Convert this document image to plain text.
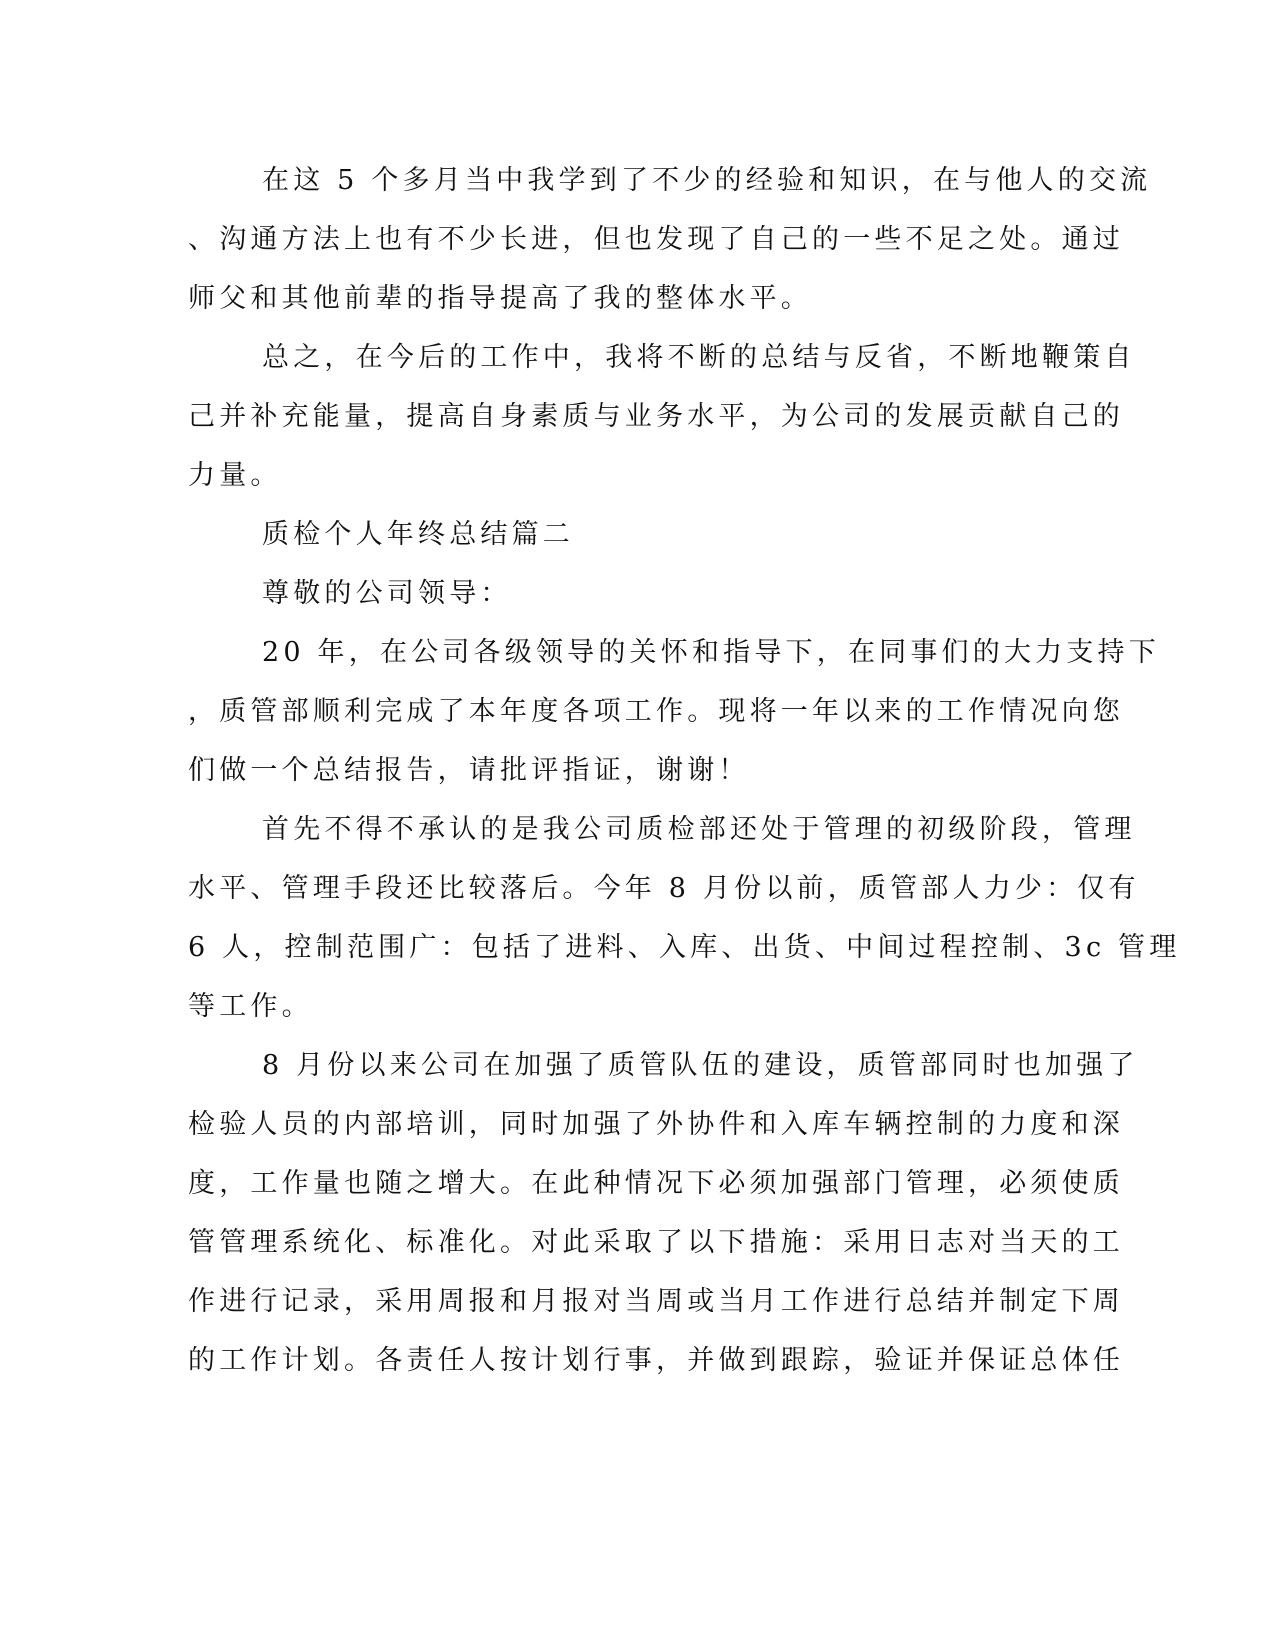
在这 5 个多月当中我学到了不少的经验和知识，在与他人的交流
、沟通方法上也有不少长进，但也发现了自己的一些不足之处。通过
师父和其他前辈的指导提高了我的整体水平。
总之，在今后的工作中，我将不断的总结与反省，不断地鞭策自
己并补充能量，提高自身素质与业务水平，为公司的发展贡献自己的
力量。
质检个人年终总结篇二
尊敬的公司领导：
20 年，在公司各级领导的关怀和指导下，在同事们的大力支持下
，质管部顺利完成了本年度各项工作。现将一年以来的工作情况向您
们做一个总结报告，请批评指证，谢谢！
首先不得不承认的是我公司质检部还处于管理的初级阶段，管理
水平、管理手段还比较落后。今年 8 月份以前，质管部人力少：仅有
6 人，控制范围广：包括了进料、入库、出货、中间过程控制、3c 管理
等工作。
8 月份以来公司在加强了质管队伍的建设，质管部同时也加强了
检验人员的内部培训，同时加强了外协件和入库车辆控制的力度和深
度，工作量也随之增大。在此种情况下必须加强部门管理，必须使质
管管理系统化、标准化。对此采取了以下措施：采用日志对当天的工
作进行记录，采用周报和月报对当周或当月工作进行总结并制定下周
的工作计划。各责任人按计划行事，并做到跟踪，验证并保证总体任
